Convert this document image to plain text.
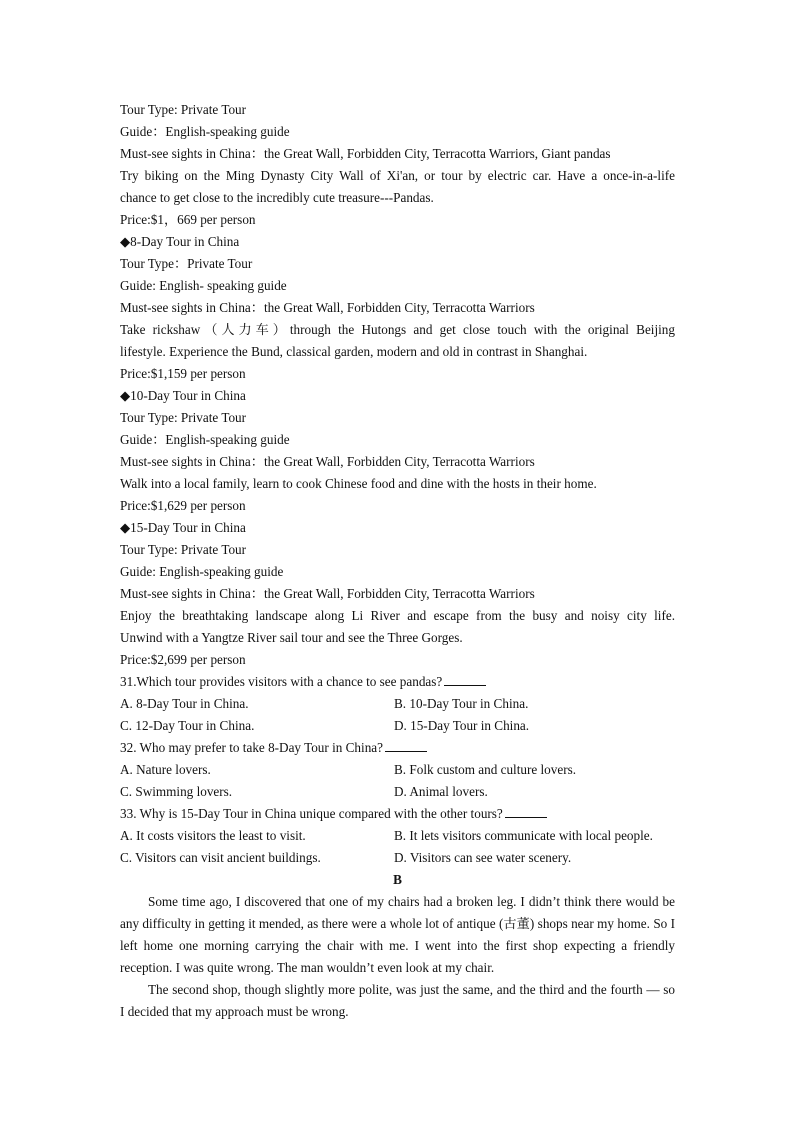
Tour Type: Private Tour
Guide：English-speaking guide
Must-see sights in China：the Great Wall, Forbidden City, Terracotta Warriors, Giant pandas
Try biking on the Ming Dynasty City Wall of Xi'an, or tour by electric car. Have a once-in-a-life
chance to get close to the incredibly cute treasure---Pandas.
Price:$1，669 per person
◆8-Day Tour in China
Tour Type：Private Tour
Guide: English- speaking guide
Must-see sights in China：the Great Wall, Forbidden City, Terracotta Warriors
Take rickshaw（人力车）through the Hutongs and get close touch with the original Beijing
lifestyle. Experience the Bund, classical garden, modern and old in contrast in Shanghai.
Price:$1,159 per person
◆10-Day Tour in China
Tour Type: Private Tour
Guide：English-speaking guide
Must-see sights in China：the Great Wall, Forbidden City, Terracotta Warriors
Walk into a local family, learn to cook Chinese food and dine with the hosts in their home.
Price:$1,629 per person
◆15-Day Tour in China
Tour Type: Private Tour
Guide: English-speaking guide
Must-see sights in China：the Great Wall, Forbidden City, Terracotta Warriors
Enjoy the breathtaking landscape along Li River and escape from the busy and noisy city life.
Unwind with a Yangtze River sail tour and see the Three Gorges.
Price:$2,699 per person
31.Which tour provides visitors with a chance to see pandas?
A. 8-Day Tour in China.	B. 10-Day Tour in China.
C. 12-Day Tour in China.	D. 15-Day Tour in China.
32. Who may prefer to take 8-Day Tour in China?
A. Nature lovers.	B. Folk custom and culture lovers.
C. Swimming lovers.	D. Animal lovers.
33. Why is 15-Day Tour in China unique compared with the other tours?
A. It costs visitors the least to visit.	B. It lets visitors communicate with local people.
C. Visitors can visit ancient buildings.	D. Visitors can see water scenery.
B

Some time ago, I discovered that one of my chairs had a broken leg. I didn’t think there would be any difficulty in getting it mended, as there were a whole lot of antique (古董) shops near my home. So I left home one morning carrying the chair with me. I went into the first shop expecting a friendly reception. I was quite wrong. The man wouldn’t even look at my chair.

The second shop, though slightly more polite, was just the same, and the third and the fourth — so I decided that my approach must be wrong.
